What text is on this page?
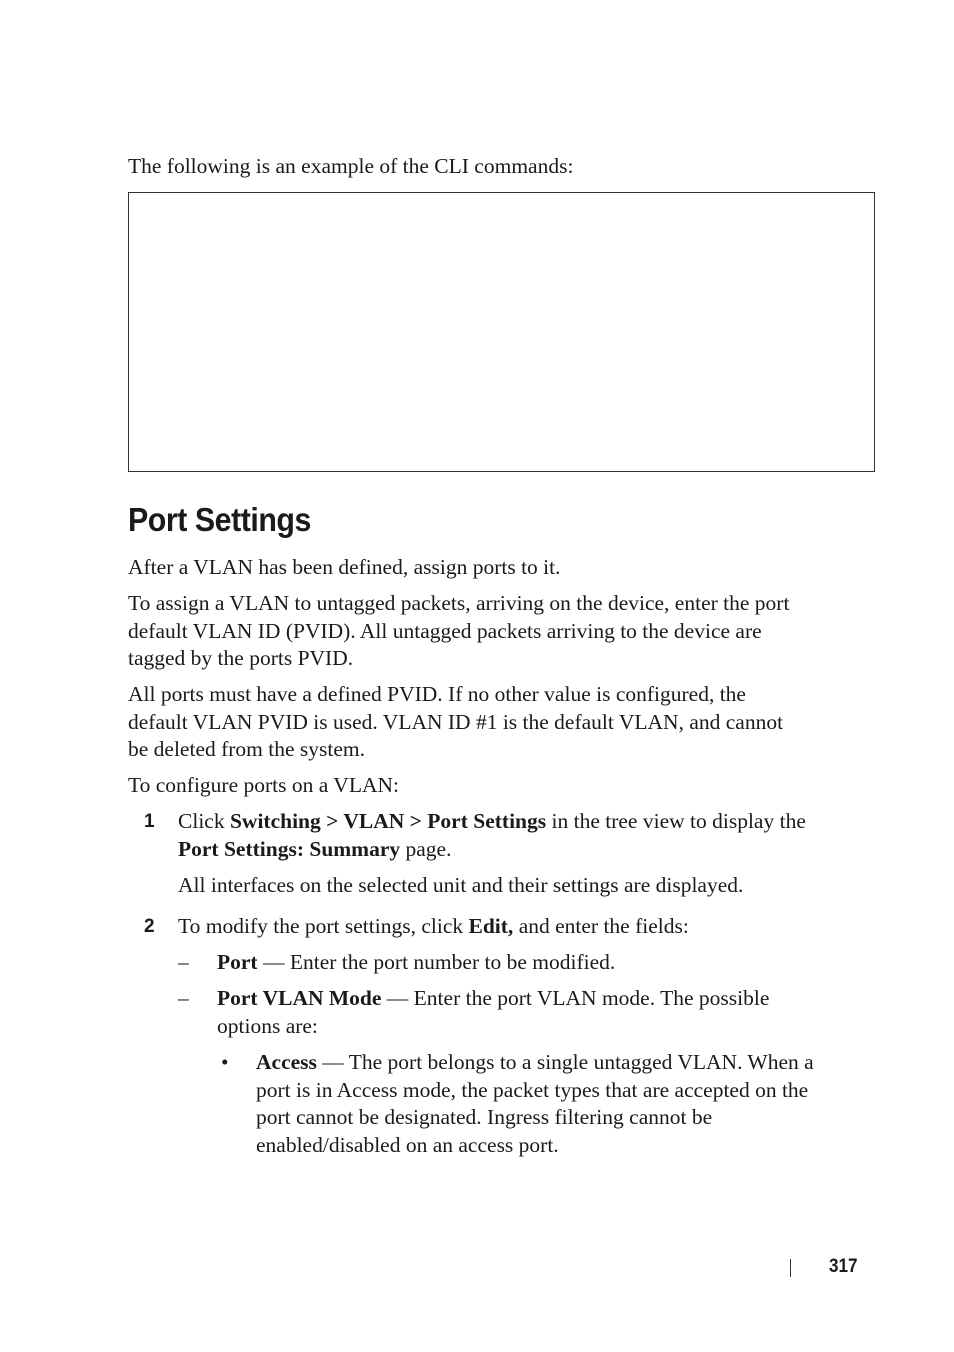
The following is an example of the CLI commands:
Port Settings
After a VLAN has been defined, assign ports to it.
To assign a VLAN to untagged packets, arriving on the device, enter the port
default VLAN ID (PVID). All untagged packets arriving to the device are
tagged by the ports PVID.
All ports must have a defined PVID. If no other value is configured, the
default VLAN PVID is used. VLAN ID #1 is the default VLAN, and cannot
be deleted from the system.
To configure ports on a VLAN:
1 Click Switching > VLAN > Port Settings in the tree view to display the
Port Settings: Summary page.
All interfaces on the selected unit and their settings are displayed.
2 To modify the port settings, click Edit, and enter the fields:
– Port — Enter the port number to be modified.
– Port VLAN Mode — Enter the port VLAN mode. The possible
options are:
• Access — The port belongs to a single untagged VLAN. When a
port is in Access mode, the packet types that are accepted on the
port cannot be designated. Ingress filtering cannot be
enabled/disabled on an access port.
317
